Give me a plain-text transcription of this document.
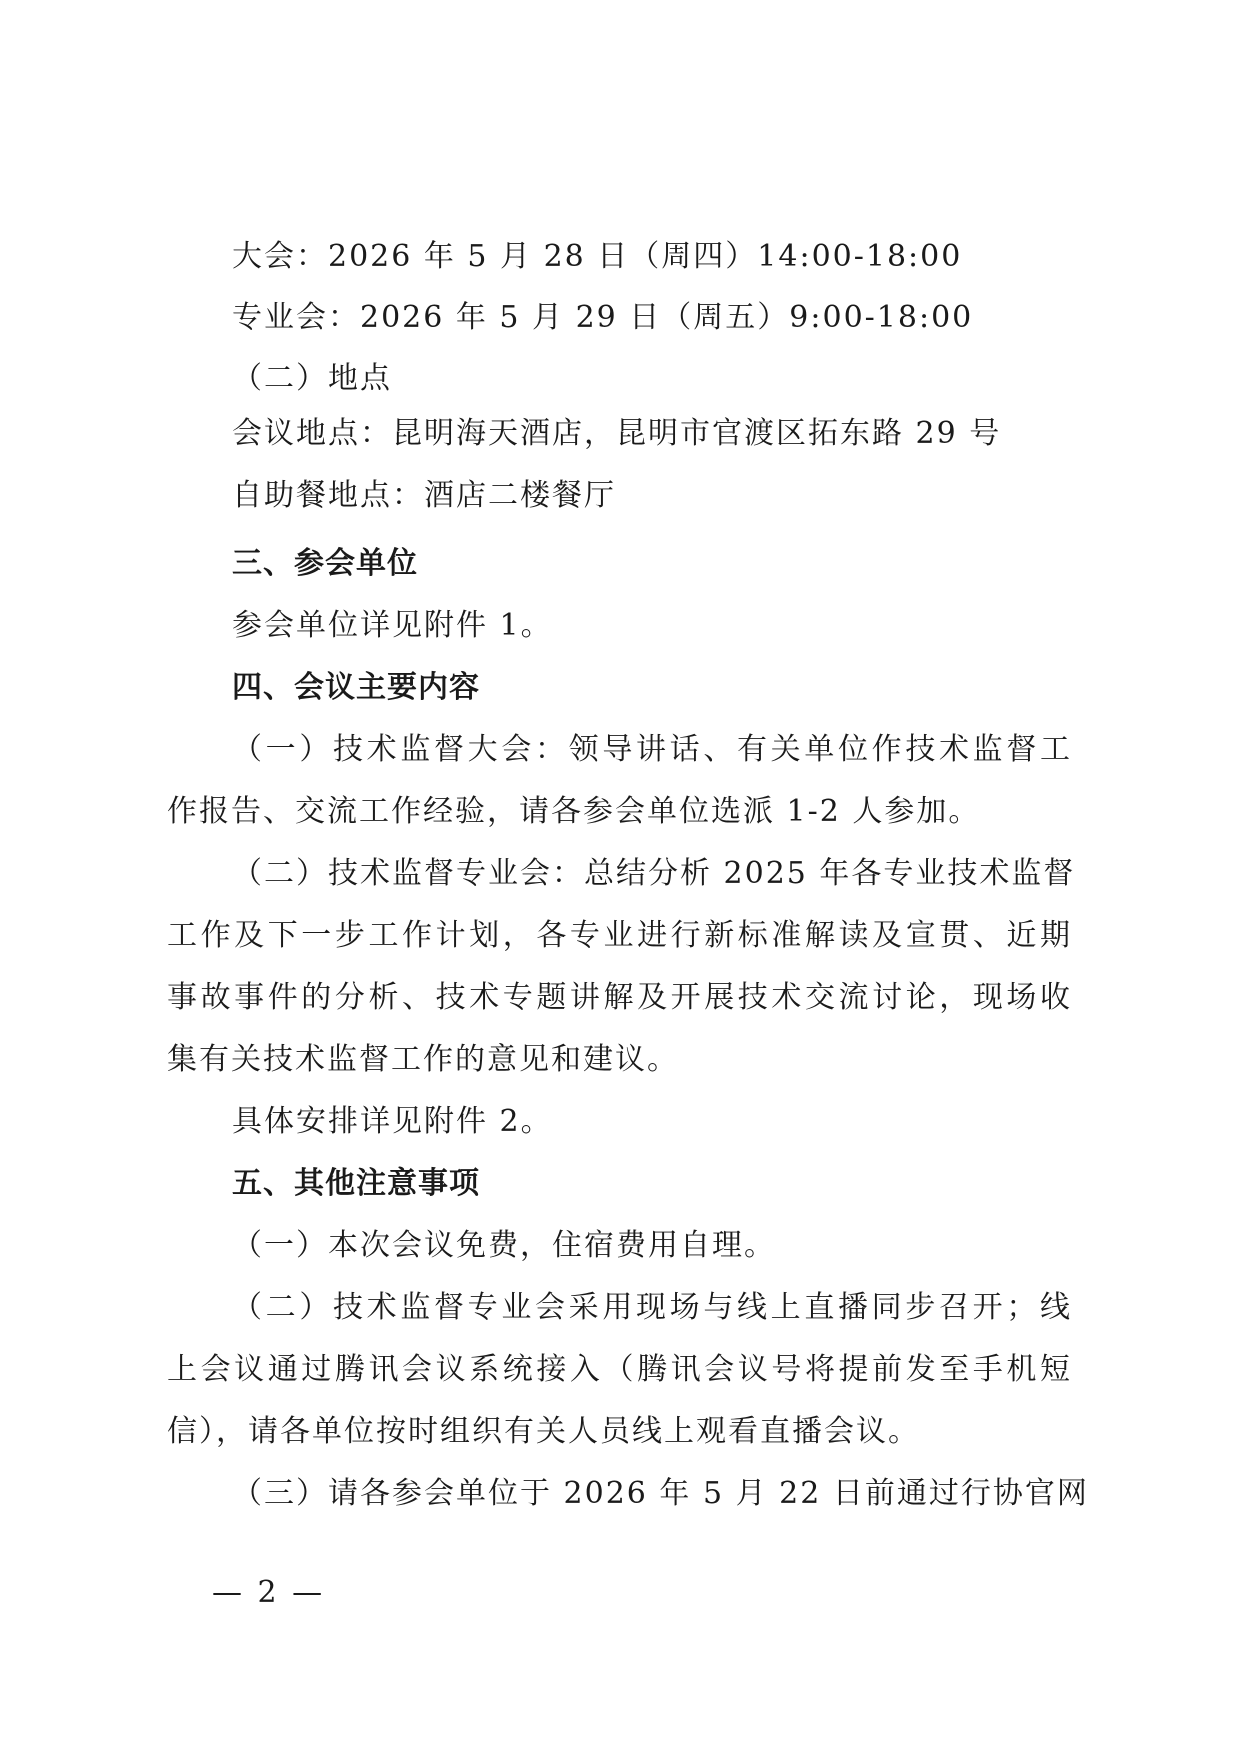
大会：2026 年 5 月 28 日（周四）14:00-18:00
专业会：2026 年 5 月 29 日（周五）9:00-18:00
（二）地点
会议地点：昆明海天酒店，昆明市官渡区拓东路 29 号
自助餐地点：酒店二楼餐厅
三、参会单位
参会单位详见附件 1。
四、会议主要内容
（一）技术监督大会：领导讲话、有关单位作技术监督工
作报告、交流工作经验，请各参会单位选派 1-2 人参加。
（二）技术监督专业会：总结分析 2025 年各专业技术监督
工作及下一步工作计划，各专业进行新标准解读及宣贯、近期
事故事件的分析、技术专题讲解及开展技术交流讨论，现场收
集有关技术监督工作的意见和建议。
具体安排详见附件 2。
五、其他注意事项
（一）本次会议免费，住宿费用自理。
（二）技术监督专业会采用现场与线上直播同步召开；线
上会议通过腾讯会议系统接入（腾讯会议号将提前发至手机短
信），请各单位按时组织有关人员线上观看直播会议。
（三）请各参会单位于 2026 年 5 月 22 日前通过行协官网
— 2 —
